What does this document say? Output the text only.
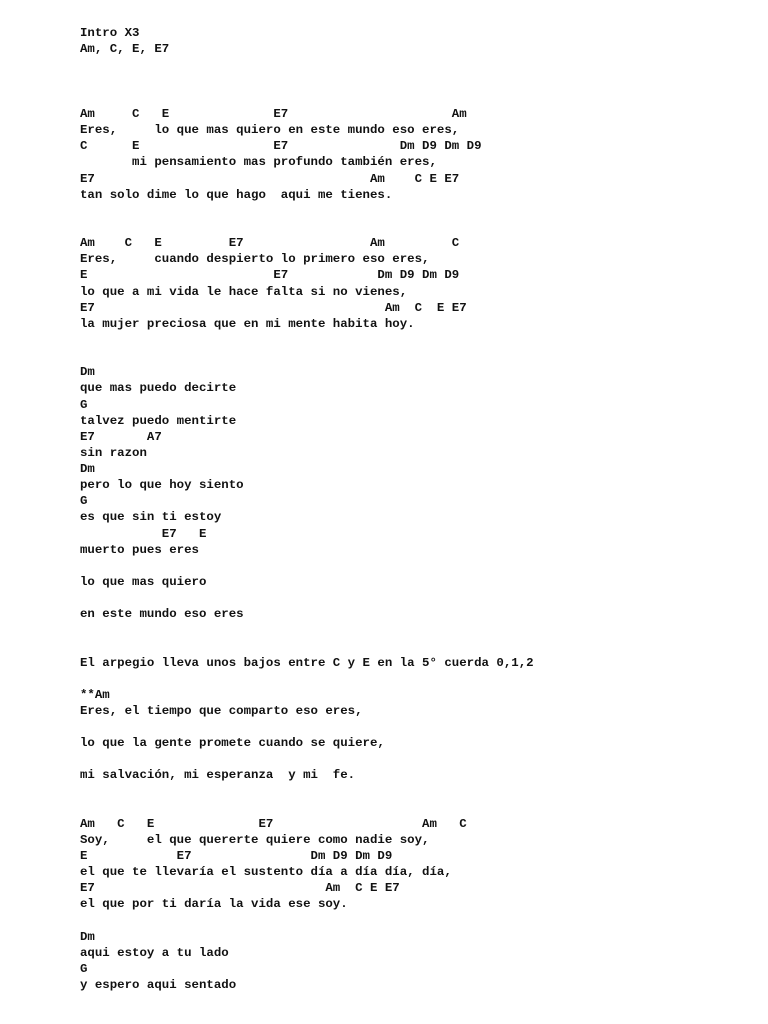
Intro X3
Am, C, E, E7
Am     C   E              E7                      Am
Eres,     lo que mas quiero en este mundo eso eres,
C      E                  E7               Dm D9 Dm D9
mi pensamiento mas profundo también eres,
E7                                     Am    C E E7
tan solo dime lo que hago  aqui me tienes.
Am    C   E         E7                 Am         C
Eres,     cuando despierto lo primero eso eres,
E                         E7            Dm D9 Dm D9
lo que a mi vida le hace falta si no vienes,
E7                                       Am  C  E E7
la mujer preciosa que en mi mente habita hoy.
Dm
que mas puedo decirte
G
talvez puedo mentirte
E7       A7
sin razon
Dm
pero lo que hoy siento
G
es que sin ti estoy
E7   E
muerto pues eres
lo que mas quiero
en este mundo eso eres
El arpegio lleva unos bajos entre C y E en la 5° cuerda 0,1,2
**Am
Eres, el tiempo que comparto eso eres,
lo que la gente promete cuando se quiere,
mi salvación, mi esperanza  y mi  fe.
Am   C   E              E7                    Am   C
Soy,     el que quererte quiere como nadie soy,
E            E7                Dm D9 Dm D9
el que te llevaría el sustento día a día día, día,
E7                               Am  C E E7
el que por ti daría la vida ese soy.
Dm
aqui estoy a tu lado
G
y espero aqui sentado
